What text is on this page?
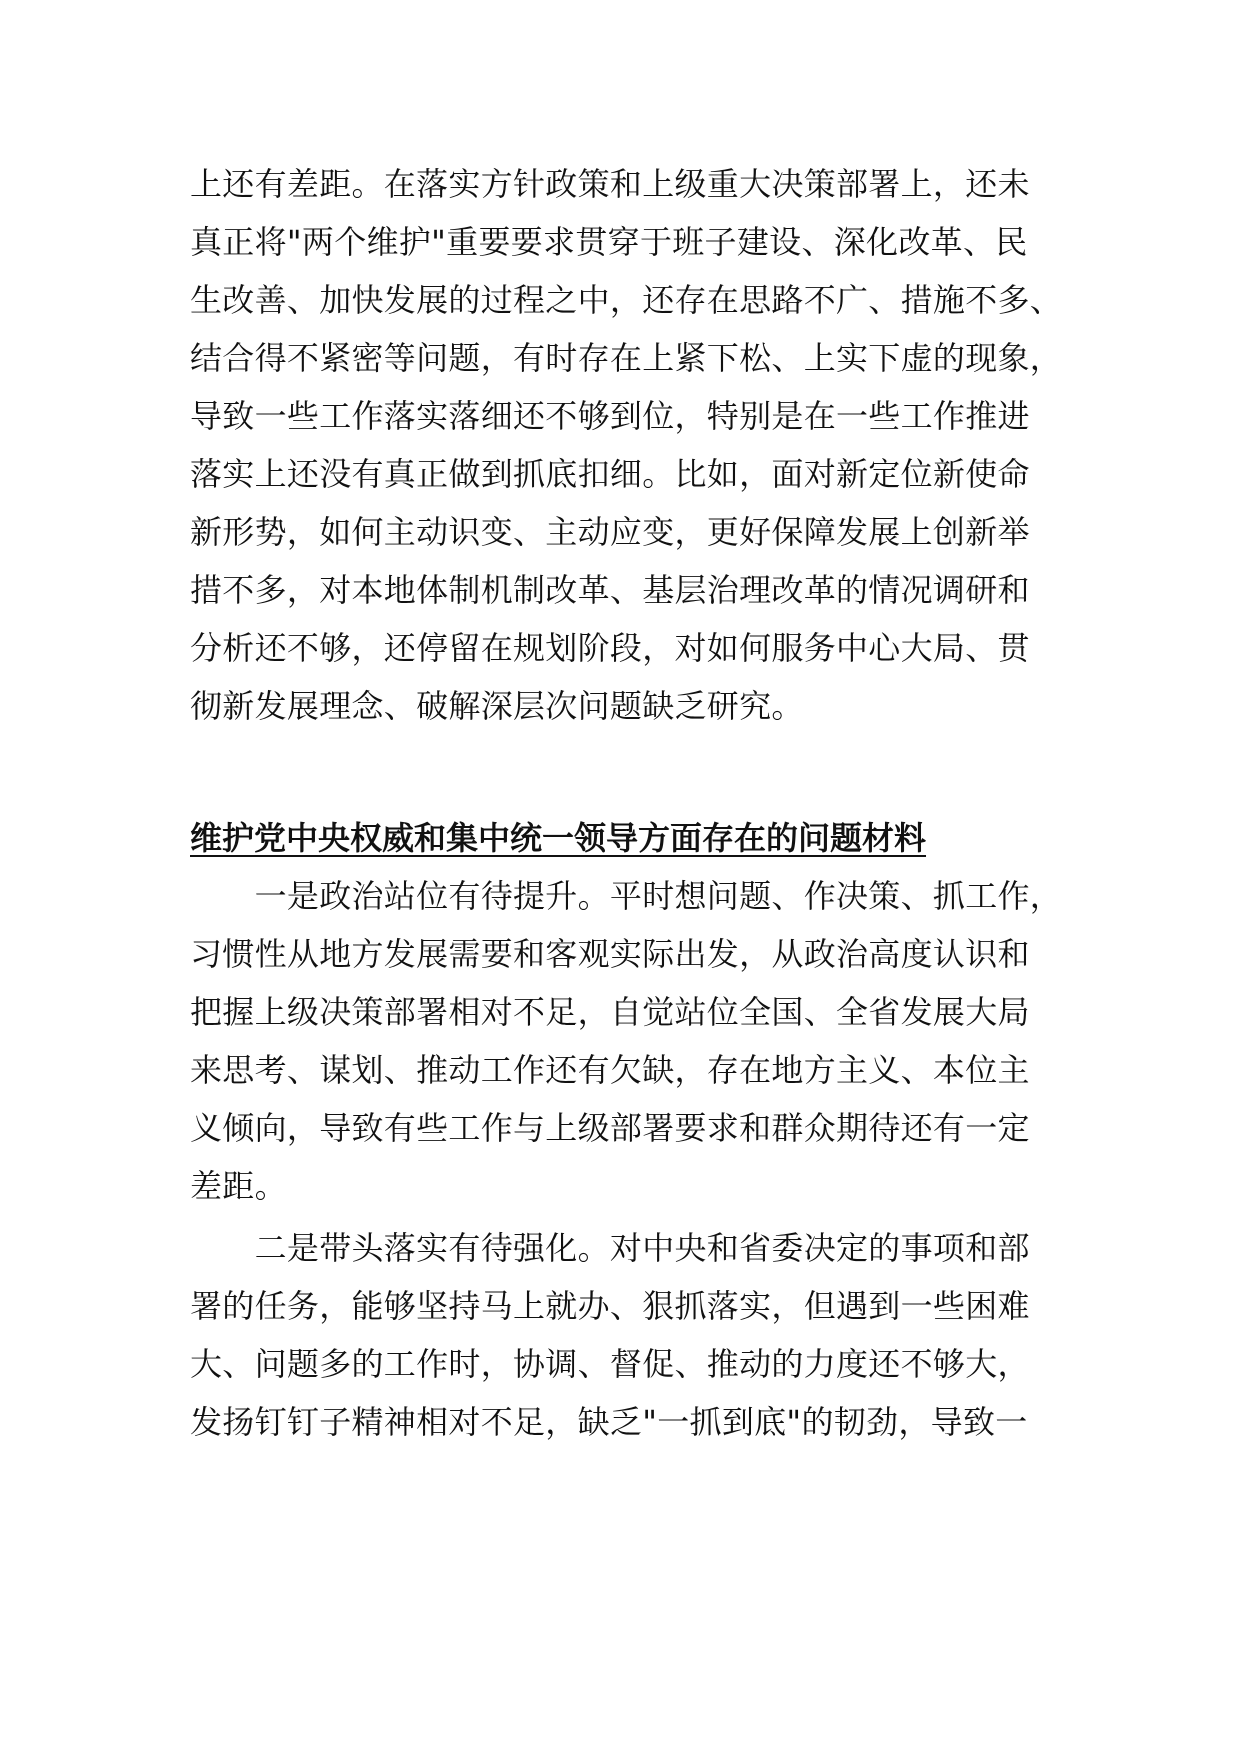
上还有差距。在落实方针政策和上级重大决策部署上，还未
真正将"两个维护"重要要求贯穿于班子建设、深化改革、民
生改善、加快发展的过程之中，还存在思路不广、措施不多、
结合得不紧密等问题，有时存在上紧下松、上实下虚的现象，
导致一些工作落实落细还不够到位，特别是在一些工作推进
落实上还没有真正做到抓底扣细。比如，面对新定位新使命
新形势，如何主动识变、主动应变，更好保障发展上创新举
措不多，对本地体制机制改革、基层治理改革的情况调研和
分析还不够，还停留在规划阶段，对如何服务中心大局、贯
彻新发展理念、破解深层次问题缺乏研究。
维护党中央权威和集中统一领导方面存在的问题材料
　　一是政治站位有待提升。平时想问题、作决策、抓工作，
习惯性从地方发展需要和客观实际出发，从政治高度认识和
把握上级决策部署相对不足，自觉站位全国、全省发展大局
来思考、谋划、推动工作还有欠缺，存在地方主义、本位主
义倾向，导致有些工作与上级部署要求和群众期待还有一定
差距。
　　二是带头落实有待强化。对中央和省委决定的事项和部
署的任务，能够坚持马上就办、狠抓落实，但遇到一些困难
大、问题多的工作时，协调、督促、推动的力度还不够大，
发扬钉钉子精神相对不足，缺乏"一抓到底"的韧劲，导致一
